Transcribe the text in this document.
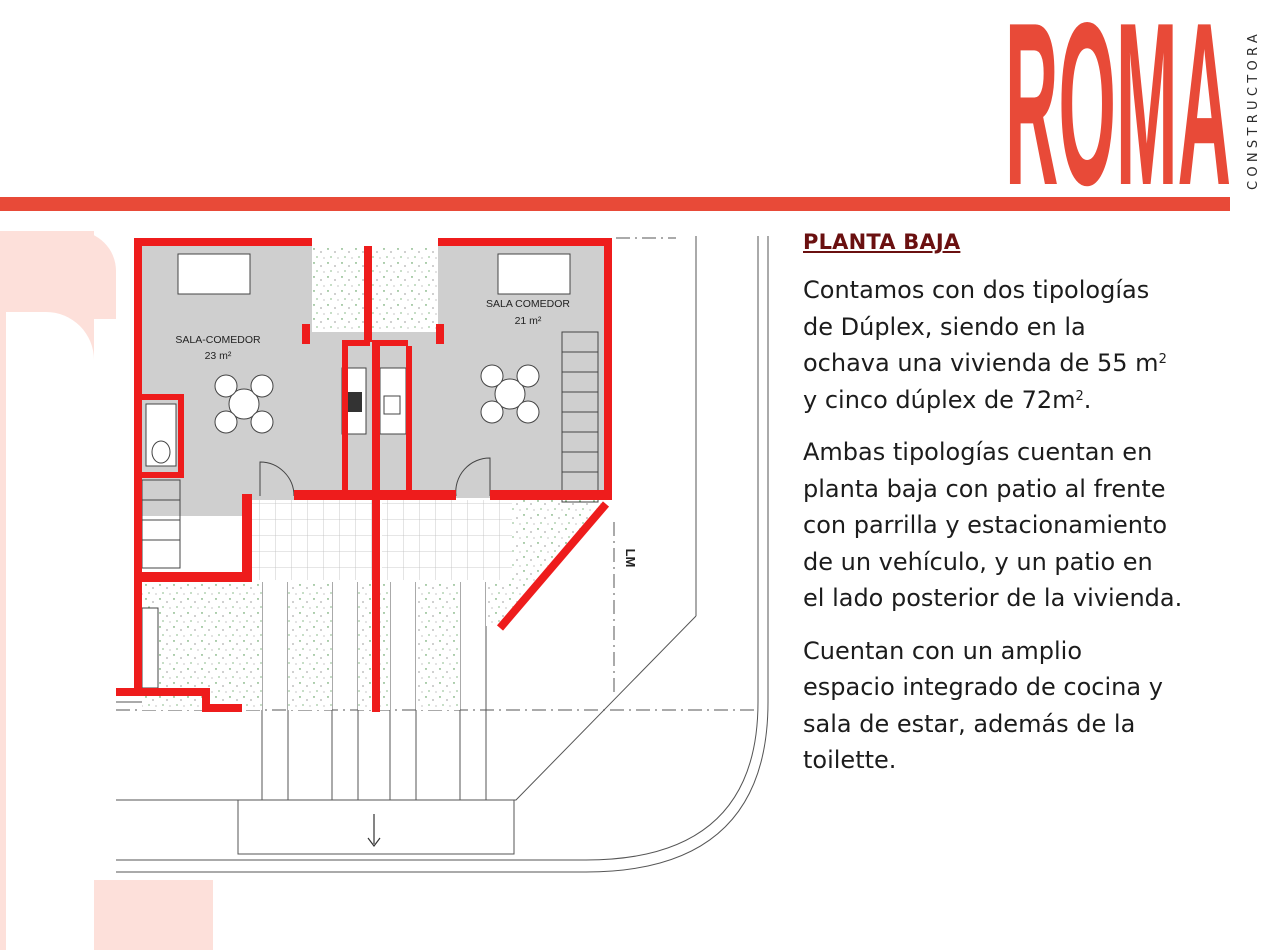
ROMA CONSTRUCTORA
SALA-COMEDOR
23 m²
SALA COMEDOR
21 m²
LM
PLANTA BAJA
Contamos con dos tipologías
de Dúplex, siendo en la
ochava una vivienda de 55 $m^2$
y cinco dúplex de $72m^2$.
Ambas tipologías cuentan en
planta baja con patio al frente
con parrilla y estacionamiento
de un vehículo, y un patio en
el lado posterior de la vivienda.
Cuentan con un amplio
espacio integrado de cocina y
sala de estar, además de la
toilette.
